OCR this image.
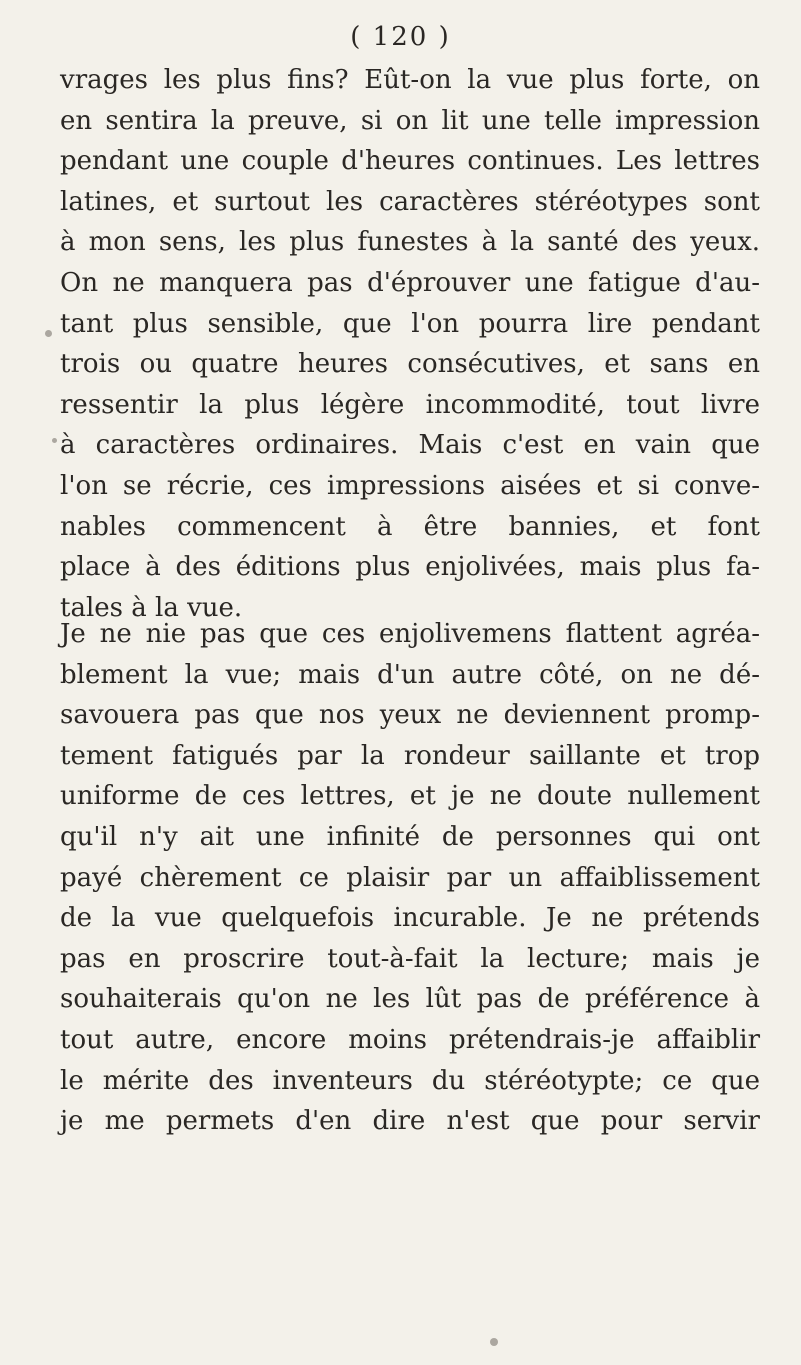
( 120 )
vrages les plus fins? Eût-on la vue plus forte, on
en sentira la preuve, si on lit une telle impression
pendant une couple d'heures continues. Les lettres
latines, et surtout les caractères stéréotypes sont
à mon sens, les plus funestes à la santé des yeux.
On ne manquera pas d'éprouver une fatigue d'au-
tant plus sensible, que l'on pourra lire pendant
trois ou quatre heures consécutives, et sans en
ressentir la plus légère incommodité, tout livre
à caractères ordinaires. Mais c'est en vain que
l'on se récrie, ces impressions aisées et si conve-
nables commencent à être bannies, et font
place à des éditions plus enjolivées, mais plus fa-
tales à la vue.
Je ne nie pas que ces enjolivemens flattent agréa-
blement la vue; mais d'un autre côté, on ne dé-
savouera pas que nos yeux ne deviennent promp-
tement fatigués par la rondeur saillante et trop
uniforme de ces lettres, et je ne doute nullement
qu'il n'y ait une infinité de personnes qui ont
payé chèrement ce plaisir par un affaiblissement
de la vue quelquefois incurable. Je ne prétends
pas en proscrire tout-à-fait la lecture; mais je
souhaiterais qu'on ne les lût pas de préférence à
tout autre, encore moins prétendrais-je affaiblir
le mérite des inventeurs du stéréotypte; ce que
je me permets d'en dire n'est que pour servir
